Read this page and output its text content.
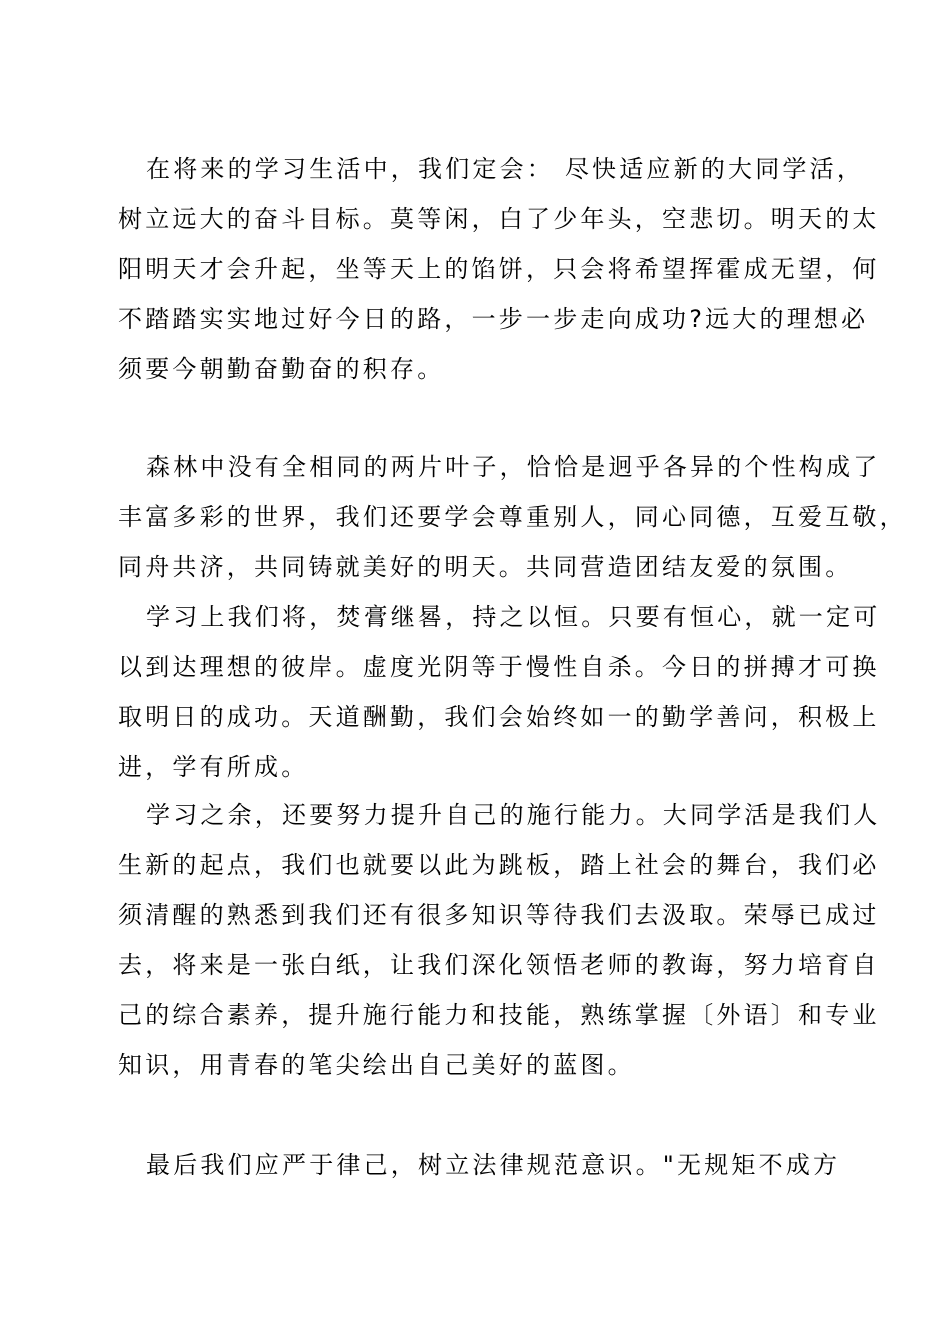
在将来的学习生活中，我们定会： 尽快适应新的大同学活，
树立远大的奋斗目标。莫等闲，白了少年头，空悲切。明天的太
阳明天才会升起，坐等天上的馅饼，只会将希望挥霍成无望，何
不踏踏实实地过好今日的路，一步一步走向成功?远大的理想必
须要今朝勤奋勤奋的积存。
森林中没有全相同的两片叶子，恰恰是迥乎各异的个性构成了
丰富多彩的世界，我们还要学会尊重别人，同心同德，互爱互敬，
同舟共济，共同铸就美好的明天。共同营造团结友爱的氛围。
学习上我们将，焚膏继晷，持之以恒。只要有恒心，就一定可
以到达理想的彼岸。虚度光阴等于慢性自杀。今日的拼搏才可换
取明日的成功。天道酬勤，我们会始终如一的勤学善问，积极上
进，学有所成。
学习之余，还要努力提升自己的施行能力。大同学活是我们人
生新的起点，我们也就要以此为跳板，踏上社会的舞台，我们必
须清醒的熟悉到我们还有很多知识等待我们去汲取。荣辱已成过
去，将来是一张白纸，让我们深化领悟老师的教诲，努力培育自
己的综合素养，提升施行能力和技能，熟练掌握〔外语〕和专业
知识，用青春的笔尖绘出自己美好的蓝图。
最后我们应严于律己，树立法律规范意识。"无规矩不成方
